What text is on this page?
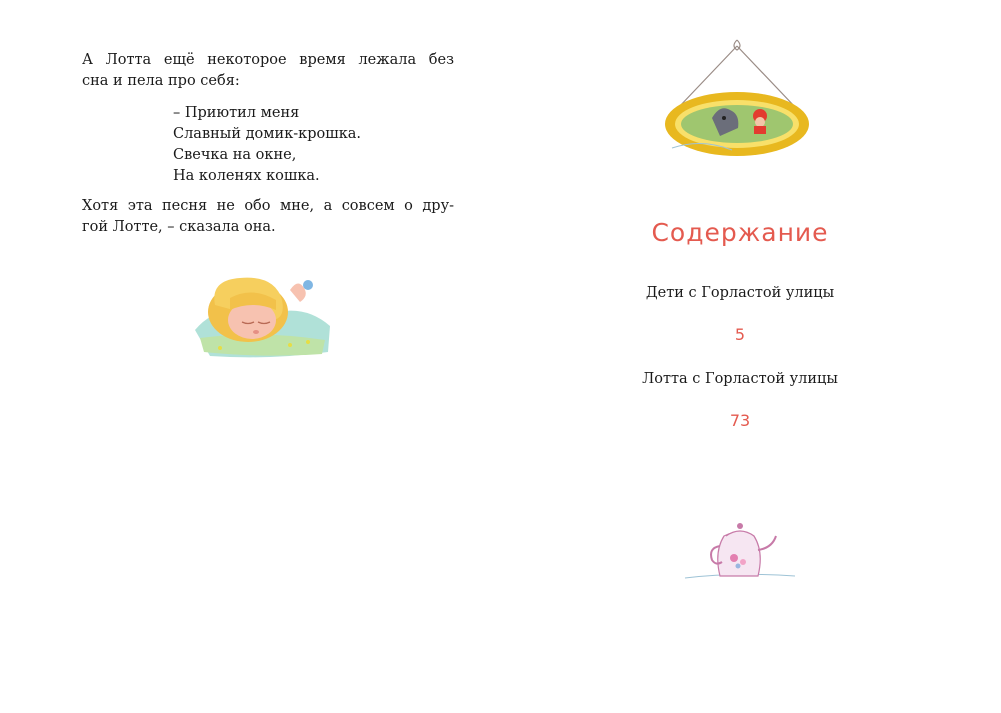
А Лотта ещё некоторое время лежала без
сна и пела про себя:

– Приютил меня
Славный домик-крошка.
Свечка на окне,
На коленях кошка.

Хотя эта песня не обо мне, а совсем о дру-
гой Лотте, – сказала она.	Содержание
Дети с Горластой улицы
5
Лотта с Горластой улицы
73
